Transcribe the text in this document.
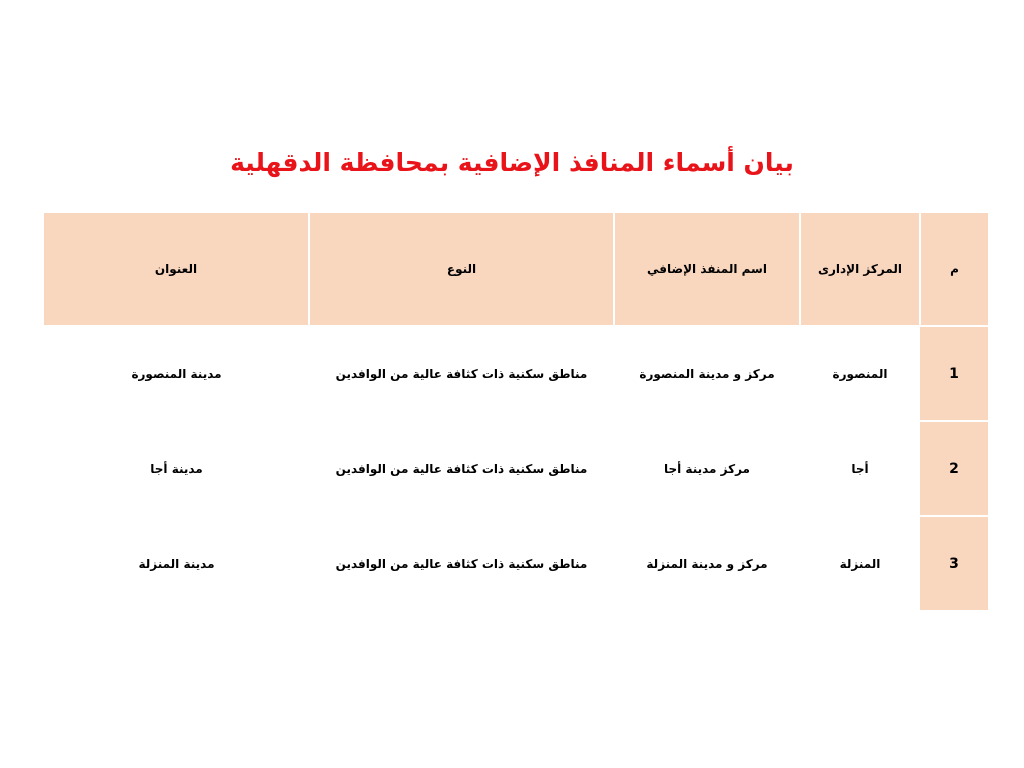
بيان أسماء المنافذ الإضافية بمحافظة الدقهلية
م	المركز الإدارى	اسم المنفذ الإضافي	النوع	العنوان
1	المنصورة	مركز و مدينة المنصورة	مناطق سكنية ذات كثافة عالية من الوافدين	مدينة المنصورة
2	أجا	مركز مدينة أجا	مناطق سكنية ذات كثافة عالية من الوافدين	مدينة أجا
3	المنزلة	مركز و مدينة المنزلة	مناطق سكنية ذات كثافة عالية من الوافدين	مدينة المنزلة
